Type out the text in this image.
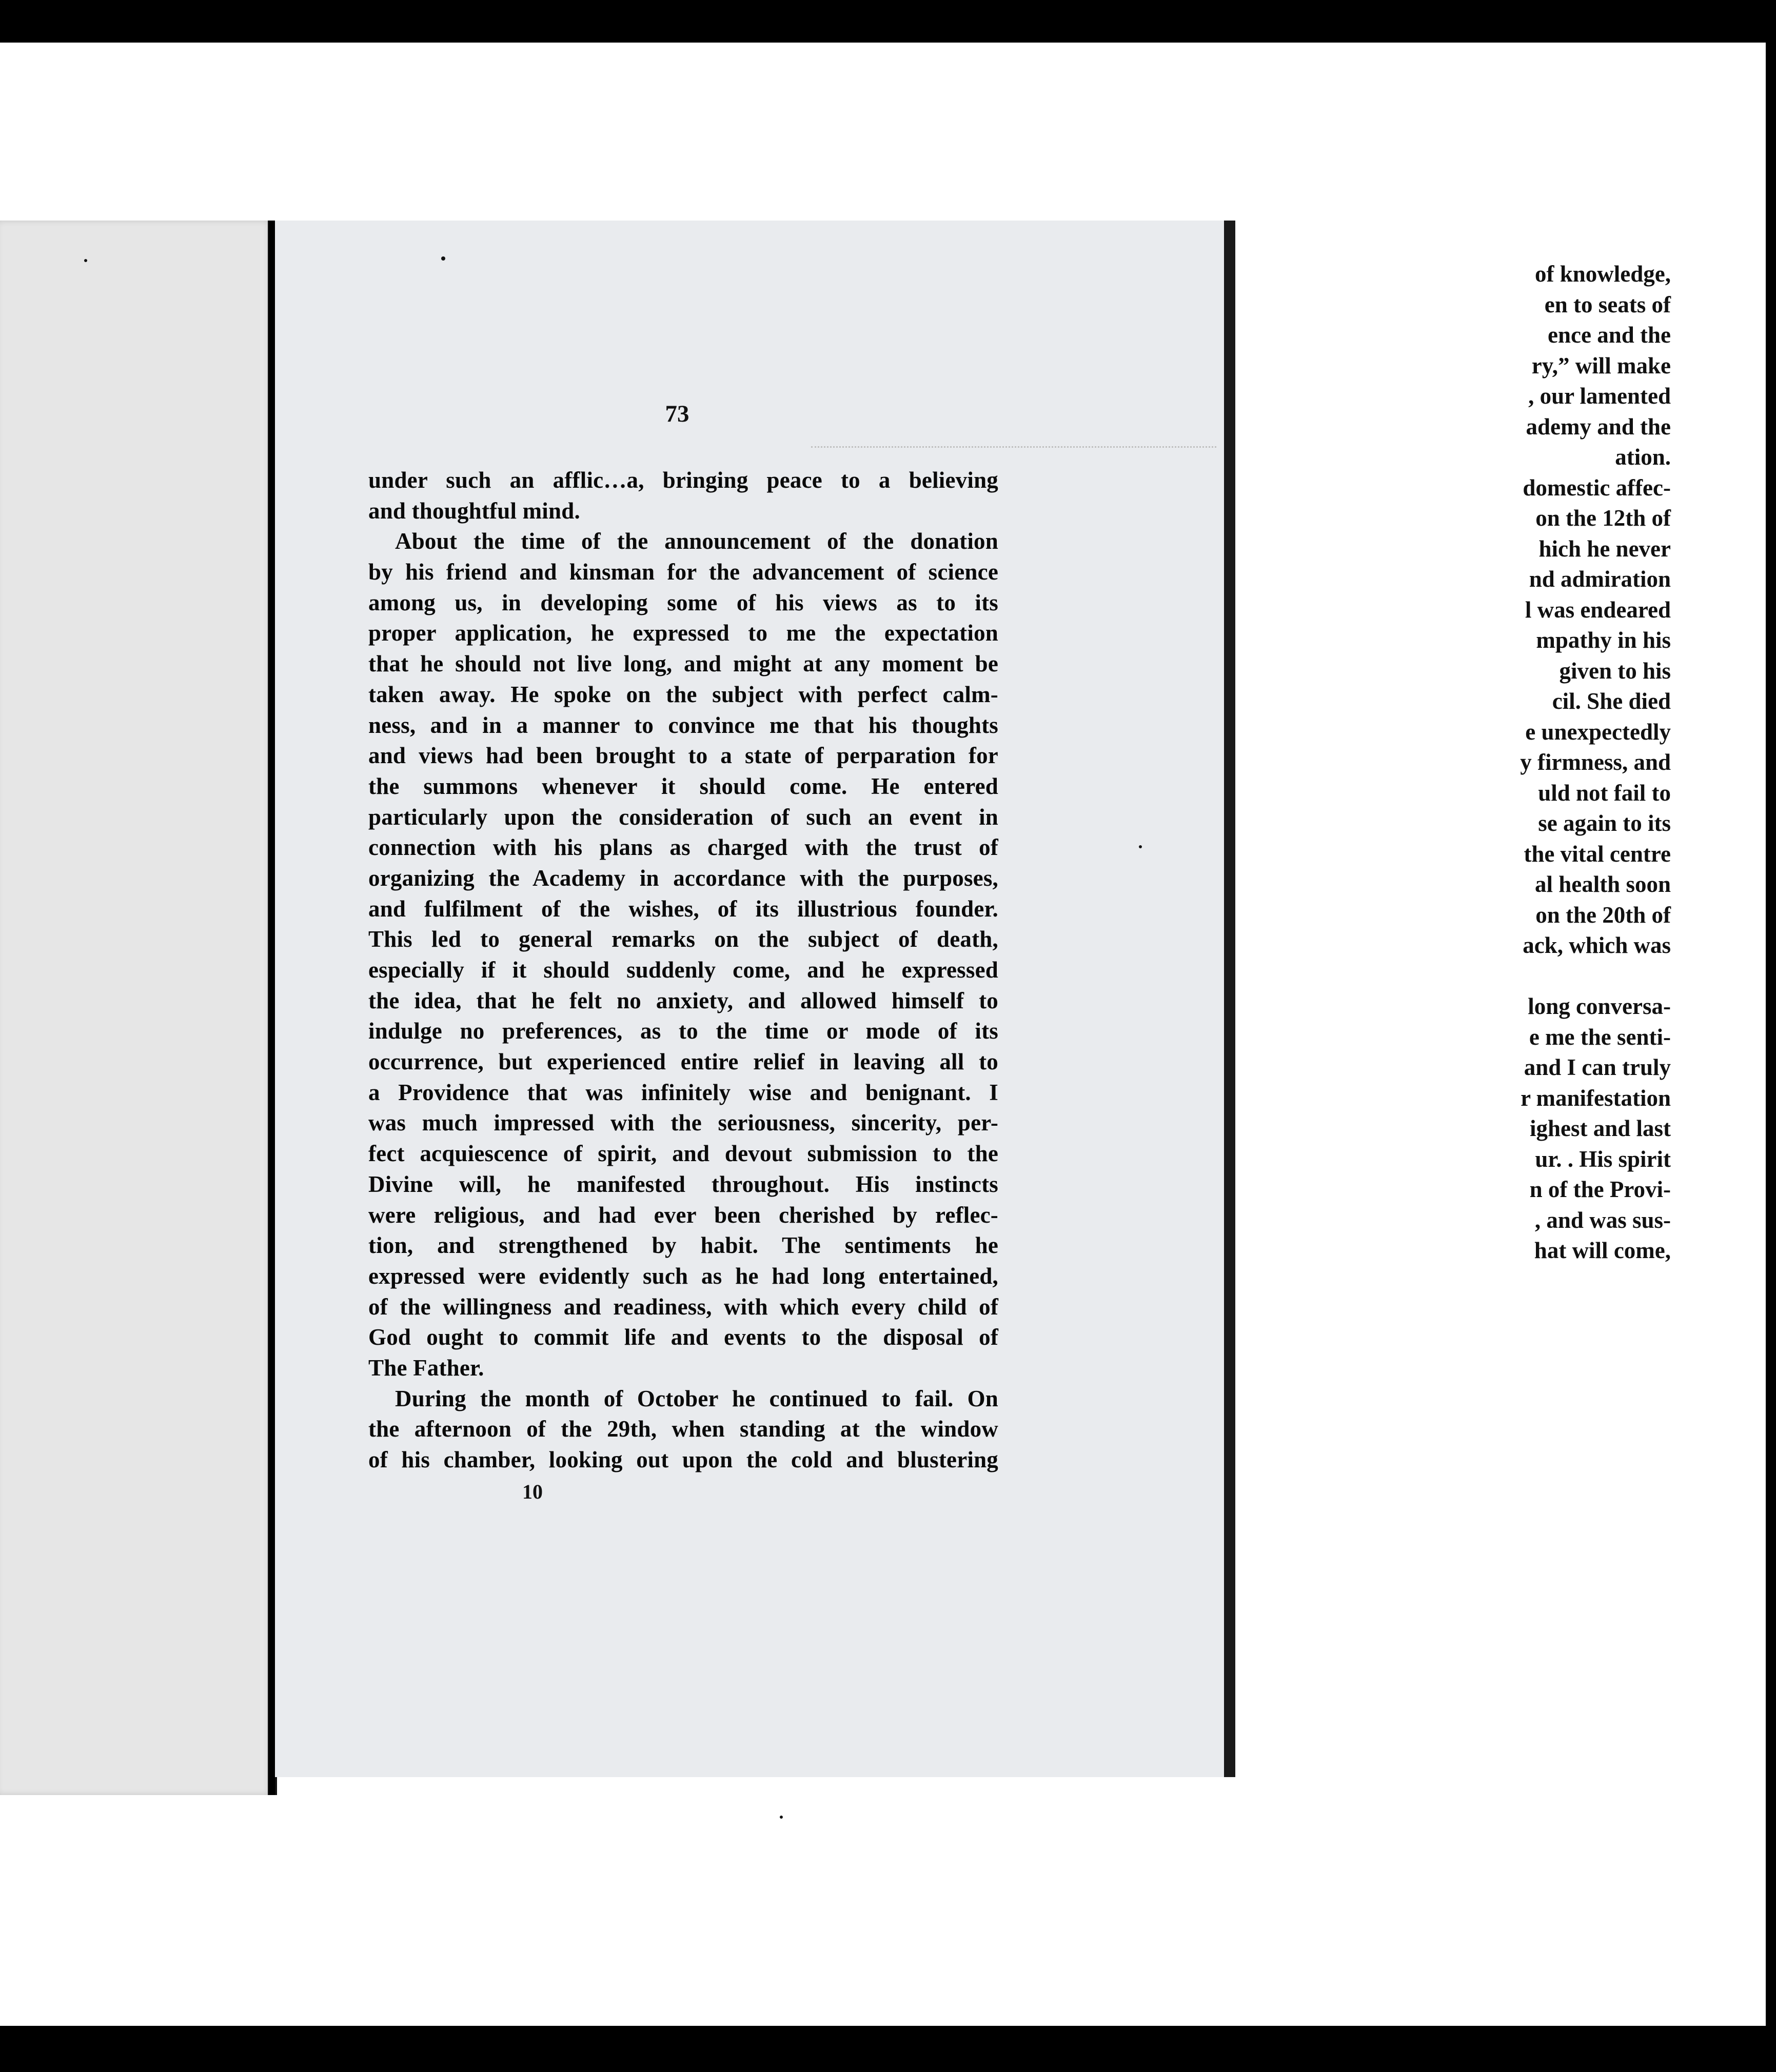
of knowledge,
en to seats of
ence and the
ry,” will make
, our lamented
ademy and the
ation.
domestic affec-
on the 12th of
hich he never
nd admiration
l was endeared
mpathy in his
given to his
cil. She died
e unexpectedly
y firmness, and
uld not fail to
se again to its
the vital centre
al health soon
on the 20th of
ack, which was
long conversa-
e me the senti-
and I can truly
r manifestation
ighest and last
ur. . His spirit
n of the Provi-
, and was sus-
hat will come,
73
under such an afflic…a, bringing peace to a believing
and thoughtful mind.
About the time of the announcement of the donation
by his friend and kinsman for the advancement of science
among us, in developing some of his views as to its
proper application, he expressed to me the expectation
that he should not live long, and might at any moment be
taken away. He spoke on the subject with perfect calm-
ness, and in a manner to convince me that his thoughts
and views had been brought to a state of perparation for
the summons whenever it should come. He entered
particularly upon the consideration of such an event in
connection with his plans as charged with the trust of
organizing the Academy in accordance with the purposes,
and fulfilment of the wishes, of its illustrious founder.
This led to general remarks on the subject of death,
especially if it should suddenly come, and he expressed
the idea, that he felt no anxiety, and allowed himself to
indulge no preferences, as to the time or mode of its
occurrence, but experienced entire relief in leaving all to
a Providence that was infinitely wise and benignant. I
was much impressed with the seriousness, sincerity, per-
fect acquiescence of spirit, and devout submission to the
Divine will, he manifested throughout. His instincts
were religious, and had ever been cherished by reflec-
tion, and strengthened by habit. The sentiments he
expressed were evidently such as he had long entertained,
of the willingness and readiness, with which every child of
God ought to commit life and events to the disposal of
The Father.
During the month of October he continued to fail. On
the afternoon of the 29th, when standing at the window
of his chamber, looking out upon the cold and blustering
10
